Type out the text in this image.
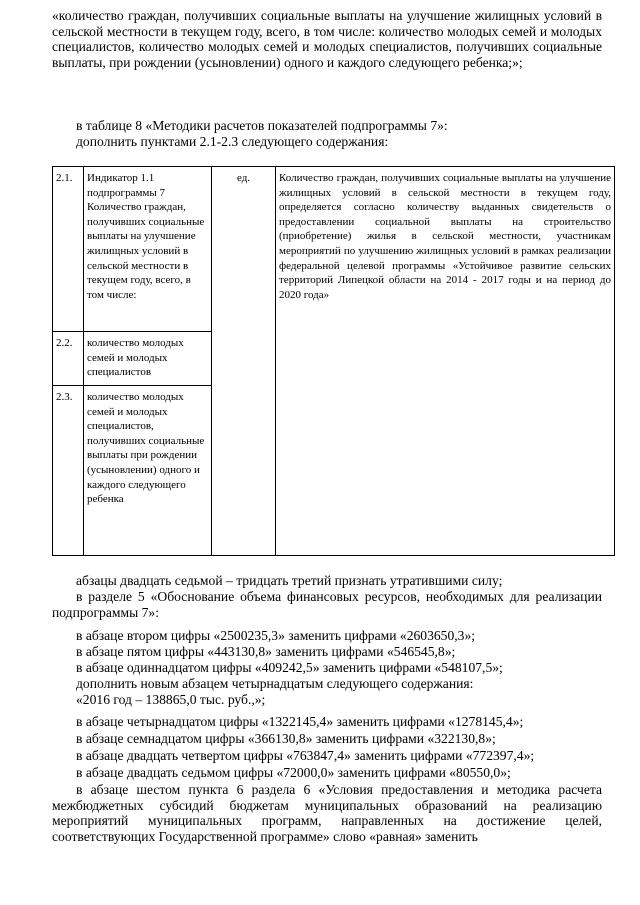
«количество граждан, получивших социальные выплаты на улучшение жилищных условий в сельской местности в текущем году, всего, в том числе: количество молодых семей и молодых специалистов, количество молодых семей и молодых специалистов, получивших социальные выплаты, при рождении (усыновлении) одного и каждого следующего ребенка;»;

в таблице 8 «Методики расчетов показателей подпрограммы 7»:

дополнить пунктами 2.1-2.3 следующего содержания:

2.1.	Индикатор 1.1 подпрограммы 7 Количество граждан, получивших социальные выплаты на улучшение жилищных условий в сельской местности в текущем году, всего, в том числе:	ед.	Количество граждан, получивших социальные выплаты на улучшение жилищных условий в сельской местности в текущем году, определяется согласно количеству выданных свидетельств о предоставлении социальной выплаты на строительство (приобретение) жилья в сельской местности, участникам мероприятий по улучшению жилищных условий в рамках реализации федеральной целевой программы «Устойчивое развитие сельских территорий Липецкой области на 2014 - 2017 годы и на период до 2020 года»
2.2.	количество молодых семей и молодых специалистов		
2.3.	количество молодых семей и молодых специалистов, получивших социальные выплаты при рождении (усыновлении) одного и каждого следующего ребенка		

абзацы двадцать седьмой – тридцать третий признать утратившими силу;

в разделе 5 «Обоснование объема финансовых ресурсов, необходимых для реализации подпрограммы 7»:

в абзаце втором цифры «2500235,3» заменить цифрами «2603650,3»;

в абзаце пятом цифры «443130,8» заменить цифрами «546545,8»;

в абзаце одиннадцатом цифры «409242,5» заменить цифрами «548107,5»;

дополнить новым абзацем четырнадцатым следующего содержания:

«2016 год – 138865,0 тыс. руб.,»;

в абзаце четырнадцатом цифры «1322145,4» заменить цифрами «1278145,4»;

в абзаце семнадцатом цифры «366130,8» заменить цифрами «322130,8»;

в абзаце двадцать четвертом цифры «763847,4» заменить цифрами «772397,4»;

в абзаце двадцать седьмом цифры «72000,0» заменить цифрами «80550,0»;

в абзаце шестом пункта 6 раздела 6 «Условия предоставления и методика расчета межбюджетных субсидий бюджетам муниципальных образований на реализацию мероприятий муниципальных программ, направленных на достижение целей, соответствующих Государственной программе» слово «равная» заменить
